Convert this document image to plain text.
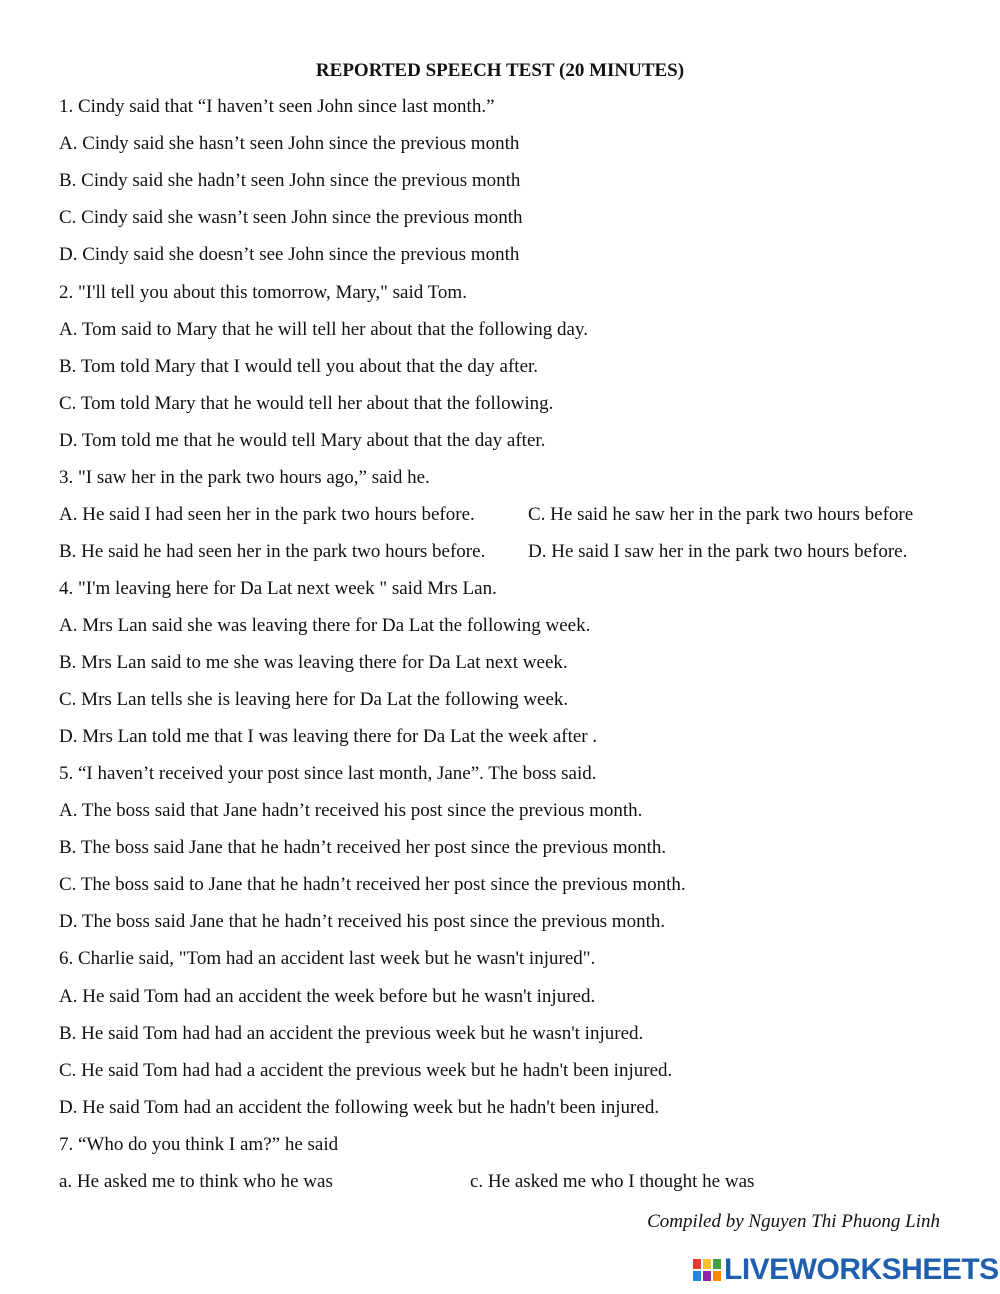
REPORTED SPEECH TEST (20 MINUTES)
1. Cindy said that “I haven’t seen John since last month.”
A. Cindy said she hasn’t seen John since the previous month
B. Cindy said she hadn’t seen John since the previous month
C. Cindy said she wasn’t seen John since the previous month
D. Cindy said she doesn’t see John since the previous month
2. "I'll tell you about this tomorrow, Mary," said Tom.
A. Tom said to Mary that he will tell her about that the following day.
B. Tom told Mary that I would tell you about that the day after.
C. Tom told Mary that he would tell her about that the following.
D. Tom told me that he would tell Mary about that the day after.
3. "I saw her in the park two hours ago,” said he.
A. He said I had seen her in the park two hours before.	C. He said he saw her in the park two hours before
B. He said he had seen her in the park two hours before. D. He said I saw her in the park two hours before.
4. "I'm leaving here for Da Lat next week " said Mrs Lan.
A. Mrs Lan said she was leaving there for Da Lat the following week.
B. Mrs Lan said to me she was leaving there for Da Lat next week.
C. Mrs Lan tells she is leaving here for Da Lat the following week.
D. Mrs Lan told me that I was leaving there for Da Lat the week after .
5. “I haven’t received your post since last month, Jane”. The boss said.
A. The boss said that Jane hadn’t received his post since the previous month.
B. The boss said Jane that he hadn’t received her post since the previous month.
C. The boss said to Jane that he hadn’t received her post since the previous month.
D. The boss said Jane that he hadn’t received his post since the previous month.
6. Charlie said, "Tom had an accident last week but he wasn't injured".
A. He said Tom had an accident the week before but he wasn't injured.
B. He said Tom had had an accident the previous week but he wasn't injured.
C. He said Tom had had a accident the previous week but he hadn't been injured.
D. He said Tom had an accident the following week but he hadn't been injured.
7. “Who do you think I am?” he said
a. He asked me to think who he was	c. He asked me who I thought he was
Compiled by Nguyen Thi Phuong Linh
LIVEWORKSHEETS
